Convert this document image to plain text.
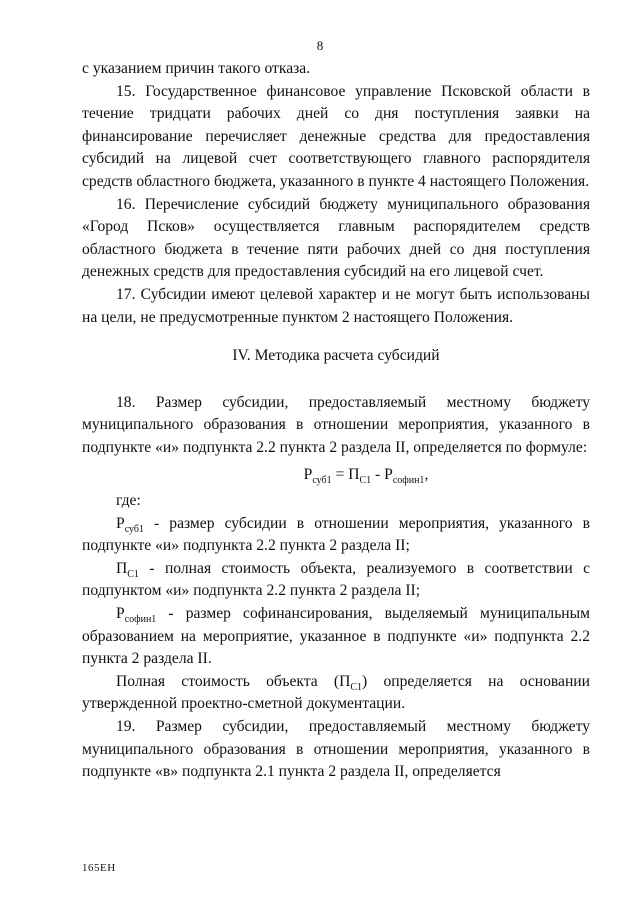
8

с указанием причин такого отказа.

15. Государственное финансовое управление Псковской области в течение тридцати рабочих дней со дня поступления заявки на финансирование перечисляет денежные средства для предоставления субсидий на лицевой счет соответствующего главного распорядителя средств областного бюджета, указанного в пункте 4 настоящего Положения.

16. Перечисление субсидий бюджету муниципального образования «Город Псков» осуществляется главным распорядителем средств областного бюджета в течение пяти рабочих дней со дня поступления денежных средств для предоставления субсидий на его лицевой счет.

17. Субсидии имеют целевой характер и не могут быть использованы на цели, не предусмотренные пунктом 2 настоящего Положения.

IV. Методика расчета субсидий

18. Размер субсидии, предоставляемый местному бюджету муниципального образования в отношении мероприятия, указанного в подпункте «и» подпункта 2.2 пункта 2 раздела II, определяется по формуле:

$Р_{суб1} = П_{С1} - Р_{софин1}$,

где:

$Р_{суб1}$ - размер субсидии в отношении мероприятия, указанного в подпункте «и» подпункта 2.2 пункта 2 раздела II;

$П_{С1}$ - полная стоимость объекта, реализуемого в соответствии с подпунктом «и» подпункта 2.2 пункта 2 раздела II;

$Р_{софин1}$ - размер софинансирования, выделяемый муниципальным образованием на мероприятие, указанное в подпункте «и» подпункта 2.2 пункта 2 раздела II.

Полная стоимость объекта $(П_{С1})$ определяется на основании утвержденной проектно-сметной документации.

19. Размер субсидии, предоставляемый местному бюджету муниципального образования в отношении мероприятия, указанного в подпункте «в» подпункта 2.1 пункта 2 раздела II, определяется

165ЕН
